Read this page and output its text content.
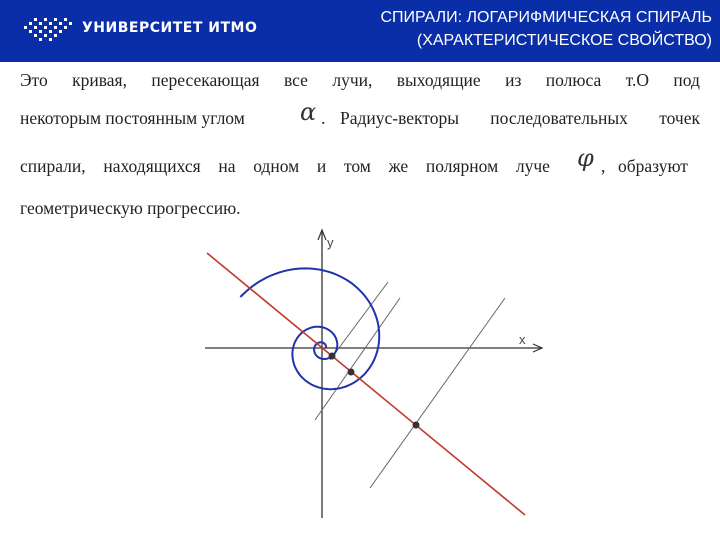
УНИВЕРСИТЕТ ИТМО
СПИРАЛИ: ЛОГАРИФМИЧЕСКАЯ СПИРАЛЬ
(ХАРАКТЕРИСТИЧЕСКОЕ СВОЙСТВО)
Это кривая, пересекающая все лучи, выходящие из полюса т.О под
некоторым постоянным углом α . Радиус-векторы последовательных точек
спирали, находящихся на одном и том же полярном луче φ , образуют
геометрическую прогрессию.
y
x
